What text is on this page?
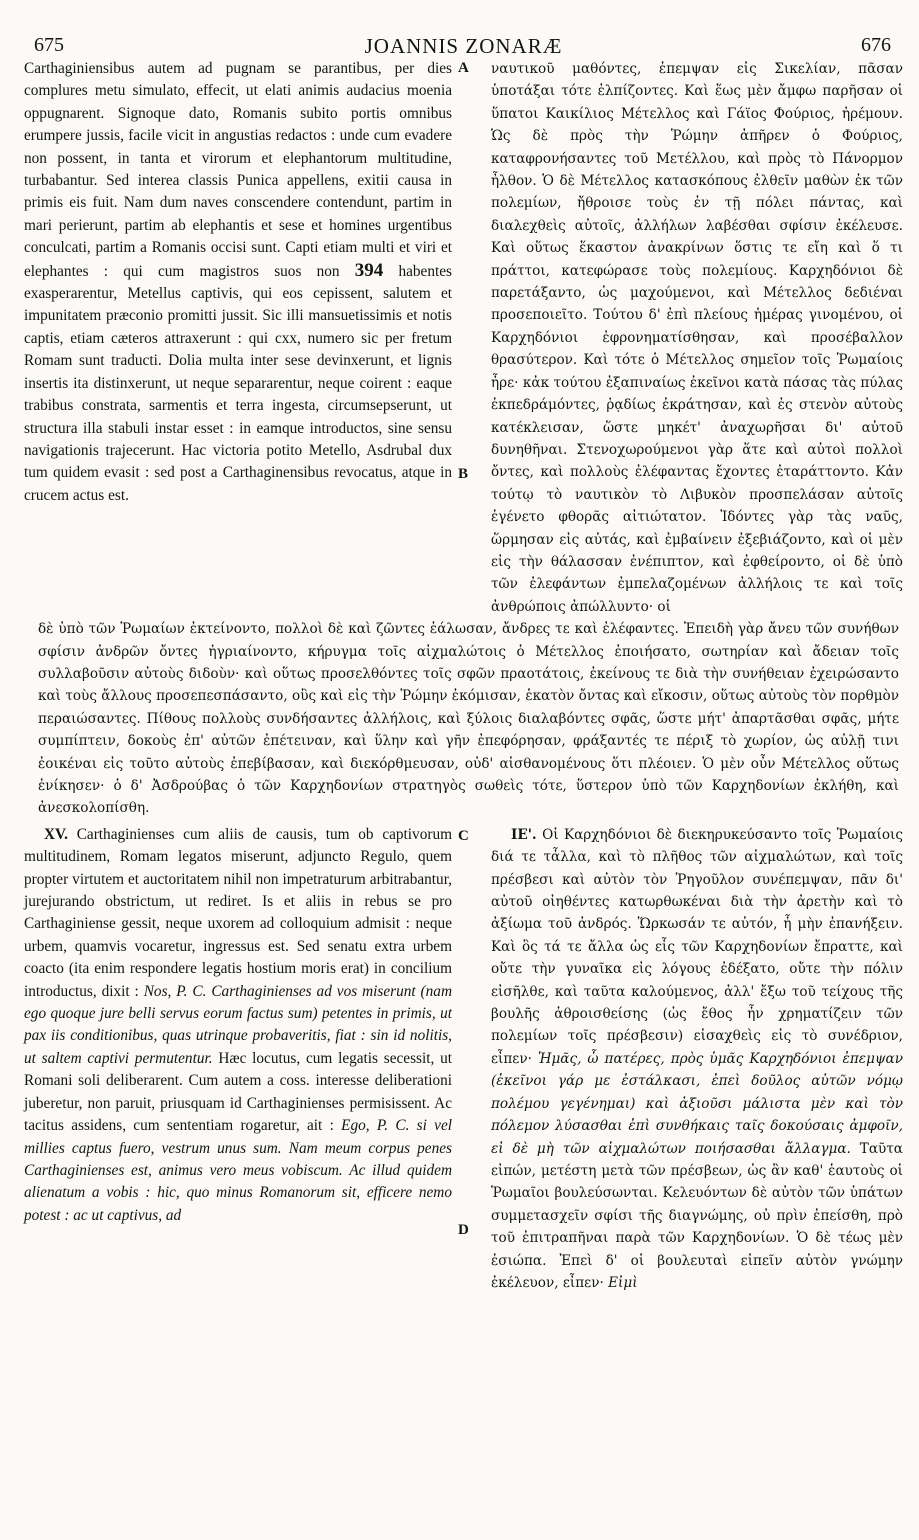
675	JOANNIS ZONARÆ	676
A
B

Carthaginiensibus autem ad pugnam se parantibus, per dies complures metu simulato, effecit, ut elati animis audacius moenia oppugnarent. Signoque dato, Romanis subito portis omnibus erumpere jussis, facile vicit in angustias redactos : unde cum evadere non possent, in tanta et virorum et elephantorum multitudine, turbabantur. Sed interea classis Punica appellens, exitii causa in primis eis fuit. Nam dum naves conscendere contendunt, partim in mari perierunt, partim ab elephantis et sese et homines urgentibus conculcati, partim a Romanis occisi sunt. Capti etiam multi et viri et elephantes : qui cum magistros suos non 394 habentes exasperarentur, Metellus captivis, qui eos cepissent, salutem et impunitatem præconio promitti jussit. Sic illi mansuetissimis et notis captis, etiam cæteros attraxerunt : qui cxx, numero sic per fretum Romam sunt traducti. Dolia multa inter sese devinxerunt, et lignis insertis ita distinxerunt, ut neque separarentur, neque coirent : eaque trabibus constrata, sarmentis et terra ingesta, circumsepserunt, ut structura illa stabuli instar esset : in eamque introductos, sine sensu navigationis trajecerunt. Hac victoria potito Metello, Asdrubal dux tum quidem evasit : sed post a Carthaginensibus revocatus, atque in crucem actus est.

ναυτικοῦ μαθόντες, ἐπεμψαν εἰς Σικελίαν, πᾶσαν ὑποτάξαι τότε ἐλπίζοντες. Καὶ ἕως μὲν ἄμφω παρῆσαν οἱ ὕπατοι Καικίλιος Μέτελλος καὶ Γάϊος Φούριος, ἠρέμουν. Ὡς δὲ πρὸς τὴν Ῥώμην ἀπῆρεν ὁ Φούριος, καταφρονήσαντες τοῦ Μετέλλου, καὶ πρὸς τὸ Πάνορμον ἦλθον. Ὁ δὲ Μέτελλος κατασκόπους ἐλθεῖν μαθὼν ἐκ τῶν πολεμίων, ἤθροισε τοὺς ἐν τῇ πόλει πάντας, καὶ διαλεχθεὶς αὐτοῖς, ἀλλήλων λαβέσθαι σφίσιν ἐκέλευσε. Καὶ οὕτως ἕκαστον ἀνακρίνων ὅστις τε εἴη καὶ ὅ τι πράττοι, κατεφώρασε τοὺς πολεμίους. Καρχηδόνιοι δὲ παρετάξαντο, ὡς μαχούμενοι, καὶ Μέτελλος δεδιέναι προσεποιεῖτο. Τούτου δ' ἐπὶ πλείους ἡμέρας γινομένου, οἱ Καρχηδόνιοι ἐφρονηματίσθησαν, καὶ προσέβαλλον θρασύτερον. Καὶ τότε ὁ Μέτελλος σημεῖον τοῖς Ῥωμαίοις ἦρε· κἀκ τούτου ἐξαπιναίως ἐκεῖνοι κατὰ πάσας τὰς πύλας ἐκπεδράμόντες, ῥᾳδίως ἐκράτησαν, καὶ ἐς στενὸν αὐτοὺς κατέκλεισαν, ὥστε μηκέτ' ἀναχωρῆσαι δι' αὐτοῦ δυνηθῆναι. Στενοχωρούμενοι γὰρ ἅτε καὶ αὐτοὶ πολλοὶ ὄντες, καὶ πολλοὺς ἐλέφαντας ἔχοντες ἐταράττοντο. Κἀν τούτῳ τὸ ναυτικὸν τὸ Λιβυκὸν προσπελάσαν αὐτοῖς ἐγένετο φθορᾶς αἰτιώτατον. Ἰδόντες γὰρ τὰς ναῦς, ὥρμησαν εἰς αὐτάς, καὶ ἐμβαίνειν ἐξεβιάζοντο, καὶ οἱ μὲν εἰς τὴν θάλασσαν ἐνέπιπτον, καὶ ἐφθείροντο, οἱ δὲ ὑπὸ τῶν ἐλεφάντων ἐμπελαζομένων ἀλλήλοις τε καὶ τοῖς ἀνθρώποις ἀπώλλυντο· οἱ

δὲ ὑπὸ τῶν Ῥωμαίων ἐκτείνοντο, πολλοὶ δὲ καὶ ζῶντες ἑάλωσαν, ἄνδρες τε καὶ ἐλέφαντες. Ἐπειδὴ γὰρ ἄνευ τῶν συνήθων σφίσιν ἀνδρῶν ὄντες ἠγριαίνοντο, κήρυγμα τοῖς αἰχμαλώτοις ὁ Μέτελλος ἐποιήσατο, σωτηρίαν καὶ ἄδειαν τοῖς συλλαβοῦσιν αὐτοὺς διδοὺν· καὶ οὕτως προσελθόντες τοῖς σφῶν πραοτάτοις, ἐκείνους τε διὰ τὴν συνήθειαν ἐχειρώσαντο καὶ τοὺς ἄλλους προσεπεσπάσαντο, οὓς καὶ εἰς τὴν Ῥώμην ἐκόμισαν, ἑκατὸν ὄντας καὶ εἴκοσιν, οὕτως αὐτοὺς τὸν πορθμὸν περαιώσαντες. Πίθους πολλοὺς συνδήσαντες ἀλλήλοις, καὶ ξύλοις διαλαβόντες σφᾶς, ὥστε μήτ' ἀπαρτᾶσθαι σφᾶς, μήτε συμπίπτειν, δοκοὺς ἐπ' αὐτῶν ἐπέτειναν, καὶ ὕλην καὶ γῆν ἐπεφόρησαν, φράξαντές τε πέριξ τὸ χωρίον, ὡς αὐλῇ τινι ἐοικέναι εἰς τοῦτο αὐτοὺς ἐπεβίβασαν, καὶ διεκόρθμευσαν, οὐδ' αἰσθανομένους ὅτι πλέοιεν. Ὁ μὲν οὖν Μέτελλος οὕτως ἐνίκησεν· ὁ δ' Ἀσδρούβας ὁ τῶν Καρχηδονίων στρατηγὸς σωθεὶς τότε, ὕστερον ὑπὸ τῶν Καρχηδονίων ἐκλήθη, καὶ ἀνεσκολοπίσθη.

C
D

XV. Carthaginienses cum aliis de causis, tum ob captivorum multitudinem, Romam legatos miserunt, adjuncto Regulo, quem propter virtutem et auctoritatem nihil non impetraturum arbitrabantur, jurejurando obstrictum, ut rediret. Is et aliis in rebus se pro Carthaginiense gessit, neque uxorem ad colloquium admisit : neque urbem, quamvis vocaretur, ingressus est. Sed senatu extra urbem coacto (ita enim respondere legatis hostium moris erat) in concilium introductus, dixit : Nos, P. C. Carthaginienses ad vos miserunt (nam ego quoque jure belli servus eorum factus sum) petentes in primis, ut pax iis conditionibus, quas utrinque probaveritis, fiat : sin id nolitis, ut saltem captivi permutentur. Hæc locutus, cum legatis secessit, ut Romani soli deliberarent. Cum autem a coss. interesse deliberationi juberetur, non paruit, priusquam id Carthaginienses permisissent. Ac tacitus assidens, cum sententiam rogaretur, ait : Ego, P. C. si vel millies captus fuero, vestrum unus sum. Nam meum corpus penes Carthaginienses est, animus vero meus vobiscum. Ac illud quidem alienatum a vobis : hic, quo minus Romanorum sit, efficere nemo potest : ac ut captivus, ad

ΙΕ'. Οἱ Καρχηδόνιοι δὲ διεκηρυκεύσαντο τοῖς Ῥωμαίοις διά τε τἆλλα, καὶ τὸ πλῆθος τῶν αἰχμαλώτων, καὶ τοῖς πρέσβεσι καὶ αὐτὸν τὸν Ῥηγοῦλον συνέπεμψαν, πᾶν δι' αὐτοῦ οἰηθέντες κατωρθωκέναι διὰ τὴν ἀρετὴν καὶ τὸ ἀξίωμα τοῦ ἀνδρός. Ὥρκωσάν τε αὐτόν, ἦ μὴν ἐπανήξειν. Καὶ ὃς τά τε ἄλλα ὡς εἷς τῶν Καρχηδονίων ἔπραττε, καὶ οὔτε τὴν γυναῖκα εἰς λόγους ἐδέξατο, οὔτε τὴν πόλιν εἰσῆλθε, καὶ ταῦτα καλούμενος, ἀλλ' ἔξω τοῦ τείχους τῆς βουλῆς ἀθροισθείσης (ὡς ἔθος ἦν χρηματίζειν τῶν πολεμίων τοῖς πρέσβεσιν) εἰσαχθεὶς εἰς τὸ συνέδριον, εἶπεν· Ἡμᾶς, ὦ πατέρες, πρὸς ὑμᾶς Καρχηδόνιοι ἐπεμψαν (ἐκεῖνοι γάρ με ἐστάλκασι, ἐπεὶ δοῦλος αὐτῶν νόμῳ πολέμου γεγένημαι) καὶ ἀξιοῦσι μάλιστα μὲν καὶ τὸν πόλεμον λύσασθαι ἐπὶ συνθήκαις ταῖς δοκούσαις ἀμφοῖν, εἰ δὲ μὴ τῶν αἰχμαλώτων ποιήσασθαι ἄλλαγμα. Ταῦτα εἰπών, μετέστη μετὰ τῶν πρέσβεων, ὡς ἂν καθ' ἑαυτοὺς οἱ Ῥωμαῖοι βουλεύσωνται. Κελευόντων δὲ αὐτὸν τῶν ὑπάτων συμμετασχεῖν σφίσι τῆς διαγνώμης, οὐ πρὶν ἐπείσθη, πρὸ τοῦ ἐπιτραπῆναι παρὰ τῶν Καρχηδονίων. Ὁ δὲ τέως μὲν ἐσιώπα. Ἐπεὶ δ' οἱ βουλευταὶ εἰπεῖν αὐτὸν γνώμην ἐκέλευον, εἶπεν· Εἰμὶ
